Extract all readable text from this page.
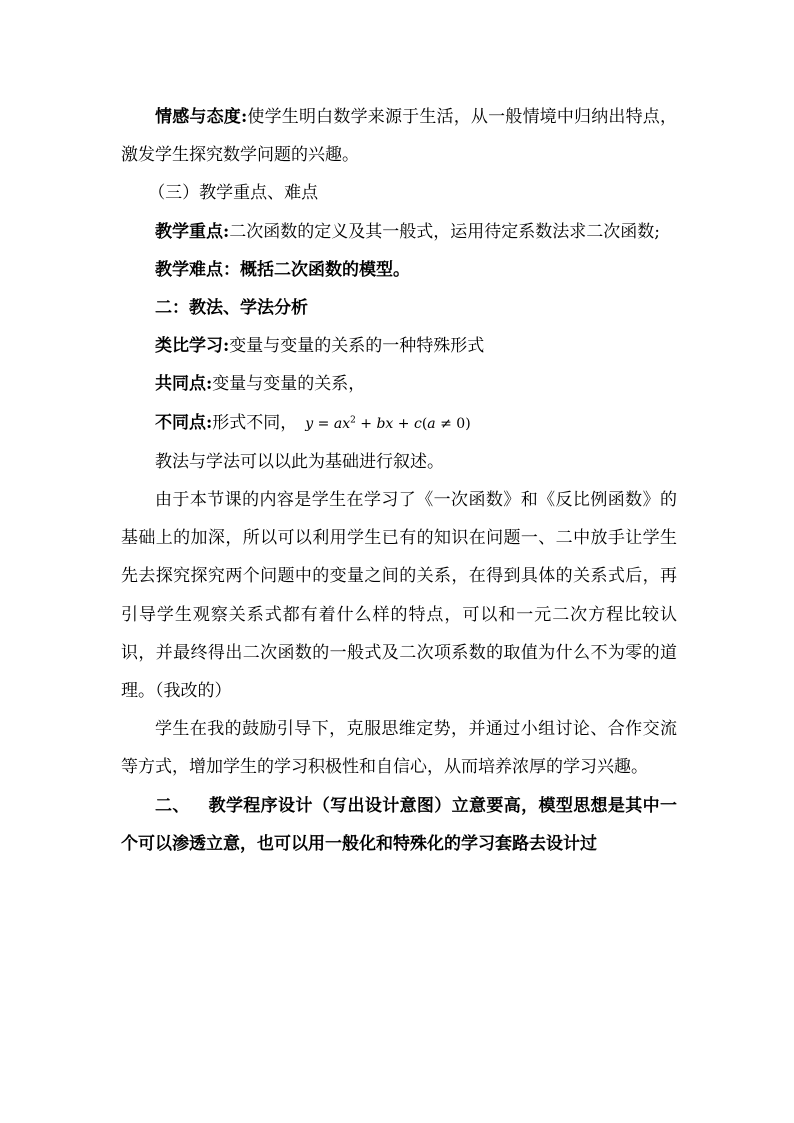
情感与态度:使学生明白数学来源于生活，从一般情境中归纳出特点，激发学生探究数学问题的兴趣。

（三）教学重点、难点

教学重点:二次函数的定义及其一般式，运用待定系数法求二次函数;

教学难点：概括二次函数的模型。

二：教法、学法分析

类比学习:变量与变量的关系的一种特殊形式

共同点:变量与变量的关系，

不同点:形式不同， $y = ax^2$ + bx + c(a ≠ 0)

教法与学法可以以此为基础进行叙述。

由于本节课的内容是学生在学习了《一次函数》和《反比例函数》的基础上的加深，所以可以利用学生已有的知识在问题一、二中放手让学生先去探究探究两个问题中的变量之间的关系，在得到具体的关系式后，再引导学生观察关系式都有着什么样的特点，可以和一元二次方程比较认识，并最终得出二次函数的一般式及二次项系数的取值为什么不为零的道理。（我改的）

学生在我的鼓励引导下，克服思维定势，并通过小组讨论、合作交流等方式，增加学生的学习积极性和自信心，从而培养浓厚的学习兴趣。

二、 教学程序设计（写出设计意图）立意要高，模型思想是其中一个可以渗透立意，也可以用一般化和特殊化的学习套路去设计过
